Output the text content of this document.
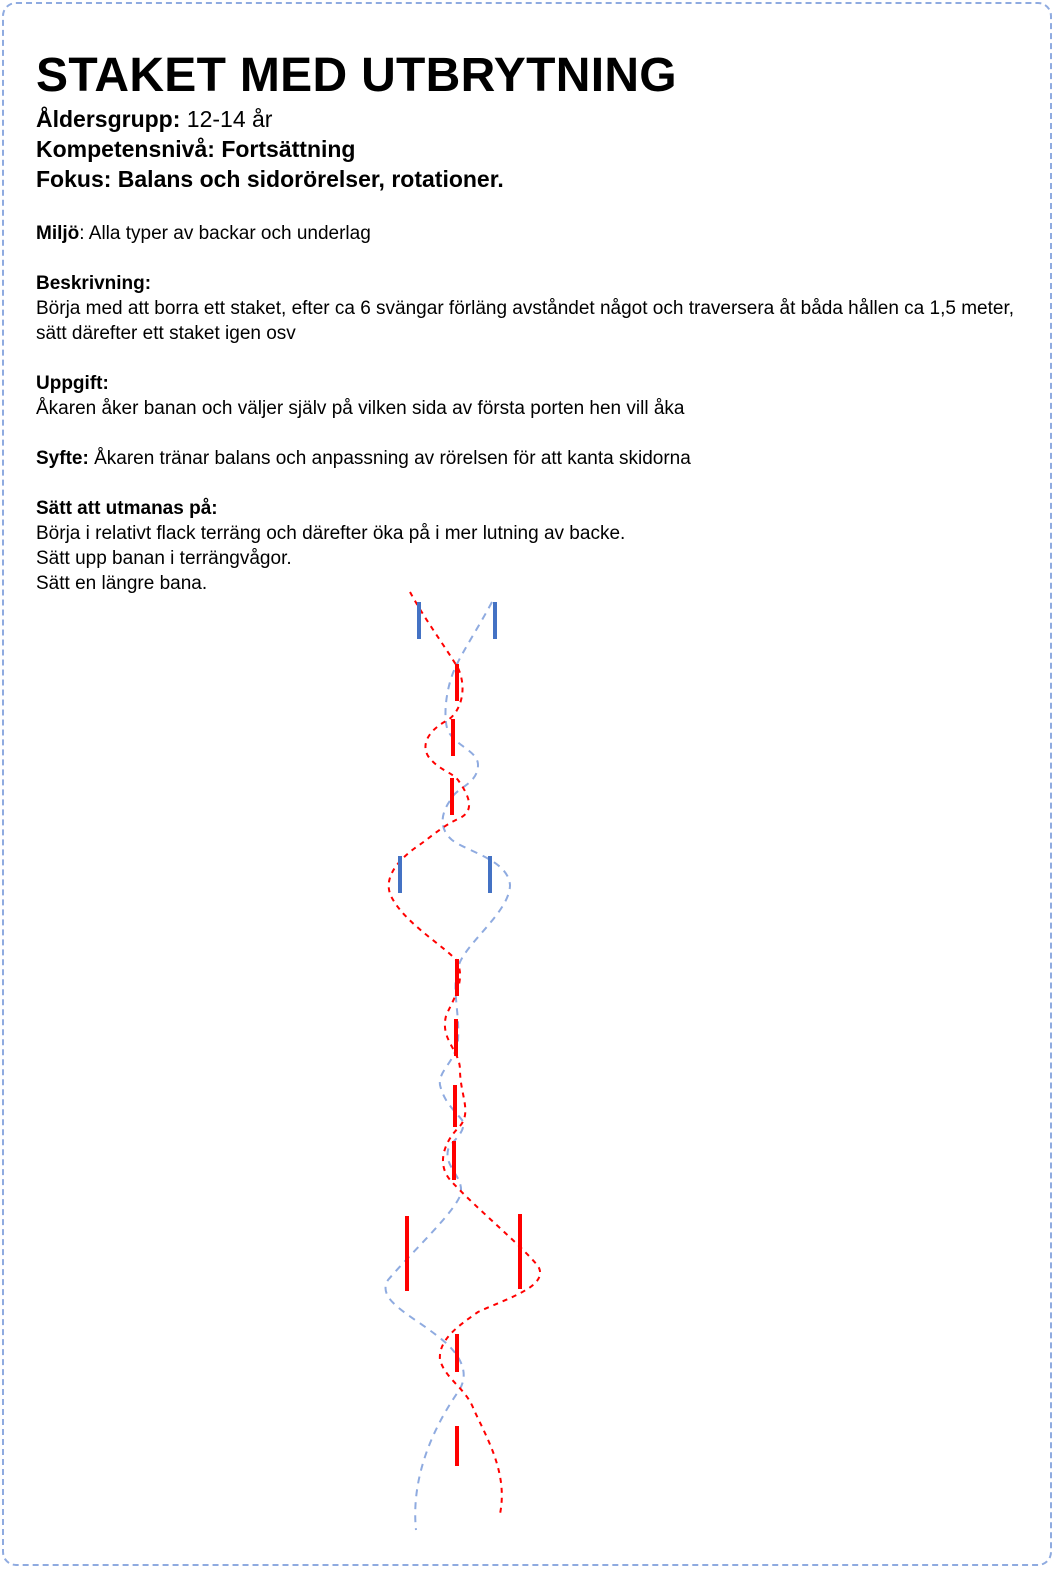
STAKET MED UTBRYTNING

Åldersgrupp: 12-14 år

Kompetensnivå: Fortsättning

Fokus: Balans och sidorörelser, rotationer.

Miljö: Alla typer av backar och underlag

Beskrivning:

Börja med att borra ett staket, efter ca 6 svängar förläng avståndet något och traversera åt båda hållen ca 1,5 meter, sätt därefter ett staket igen osv

Uppgift:

Åkaren åker banan och väljer själv på vilken sida av första porten hen vill åka

Syfte: Åkaren tränar balans och anpassning av rörelsen för att kanta skidorna

Sätt att utmanas på:

Börja i relativt flack terräng och därefter öka på i mer lutning av backe.

Sätt upp banan i terrängvågor.

Sätt en längre bana.
